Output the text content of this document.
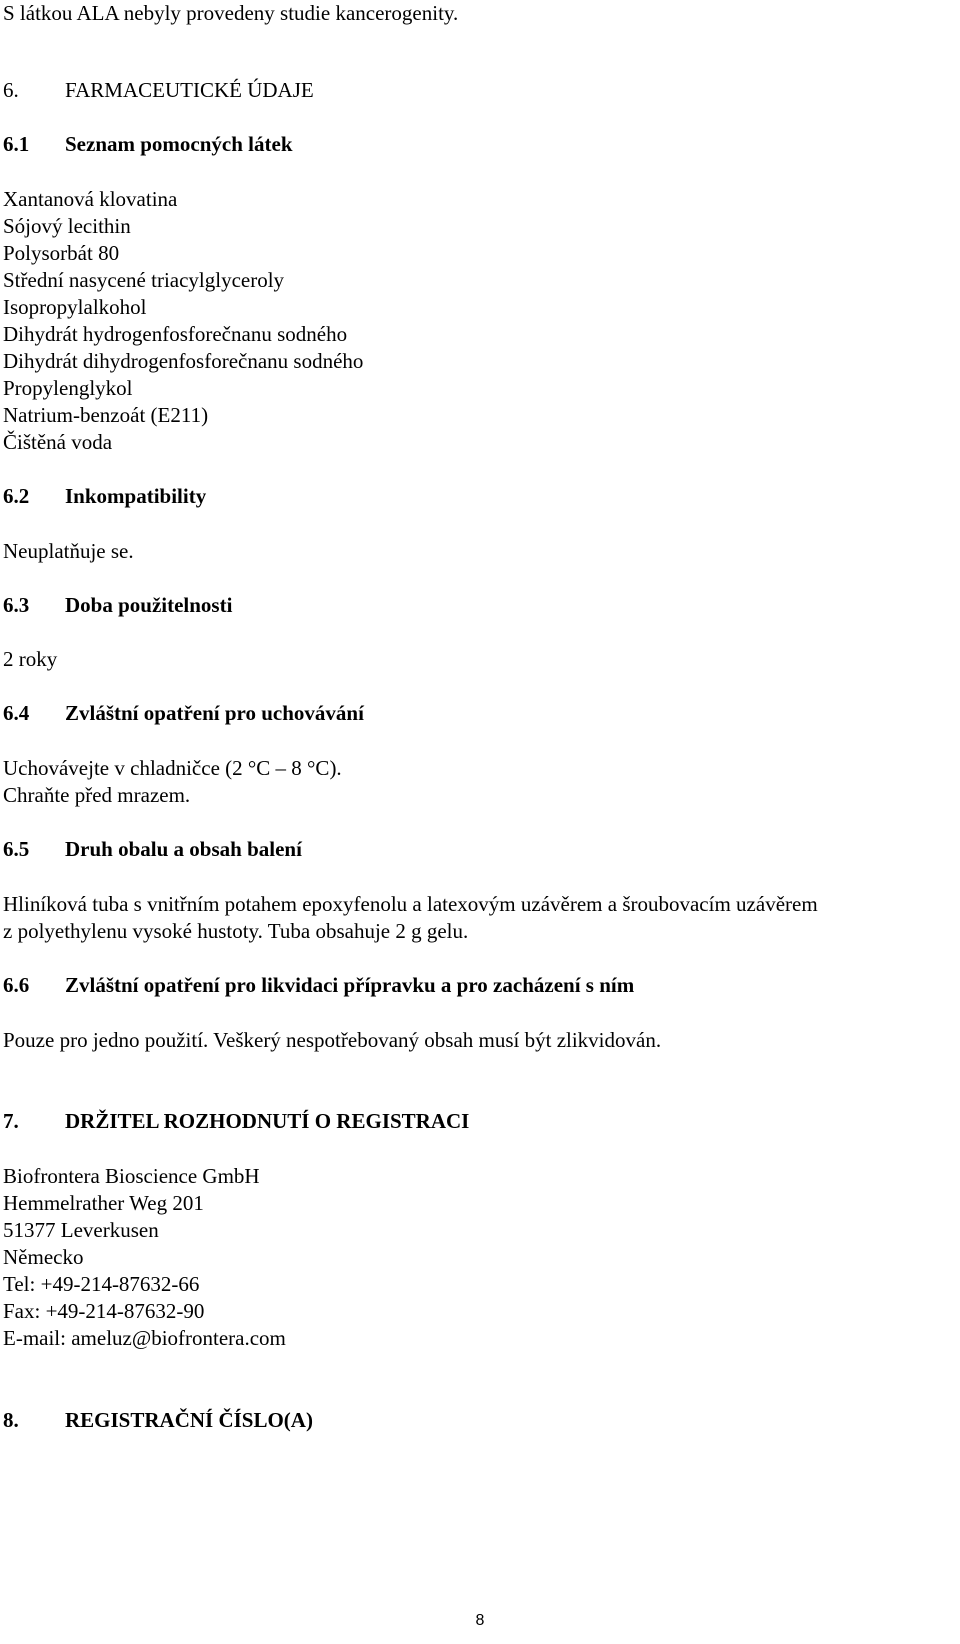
S látkou ALA nebyly provedeny studie kancerogenity.
6. FARMACEUTICKÉ ÚDAJE
6.1 Seznam pomocných látek
Xantanová klovatina
Sójový lecithin
Polysorbát 80
Střední nasycené triacylglyceroly
Isopropylalkohol
Dihydrát hydrogenfosforečnanu sodného
Dihydrát dihydrogenfosforečnanu sodného
Propylenglykol
Natrium-benzoát (E211)
Čištěná voda
6.2 Inkompatibility
Neuplatňuje se.
6.3 Doba použitelnosti
2 roky
6.4 Zvláštní opatření pro uchovávání
Uchovávejte v chladničce (2 °C – 8 °C).
Chraňte před mrazem.
6.5 Druh obalu a obsah balení
Hliníková tuba s vnitřním potahem epoxyfenolu a latexovým uzávěrem a šroubovacím uzávěrem
z polyethylenu vysoké hustoty. Tuba obsahuje 2 g gelu.
6.6 Zvláštní opatření pro likvidaci přípravku a pro zacházení s ním
Pouze pro jedno použití. Veškerý nespotřebovaný obsah musí být zlikvidován.
7. DRŽITEL ROZHODNUTÍ O REGISTRACI
Biofrontera Bioscience GmbH
Hemmelrather Weg 201
51377 Leverkusen
Německo
Tel: +49-214-87632-66
Fax: +49-214-87632-90
E-mail: ameluz@biofrontera.com
8. REGISTRAČNÍ ČÍSLO(A)
8
